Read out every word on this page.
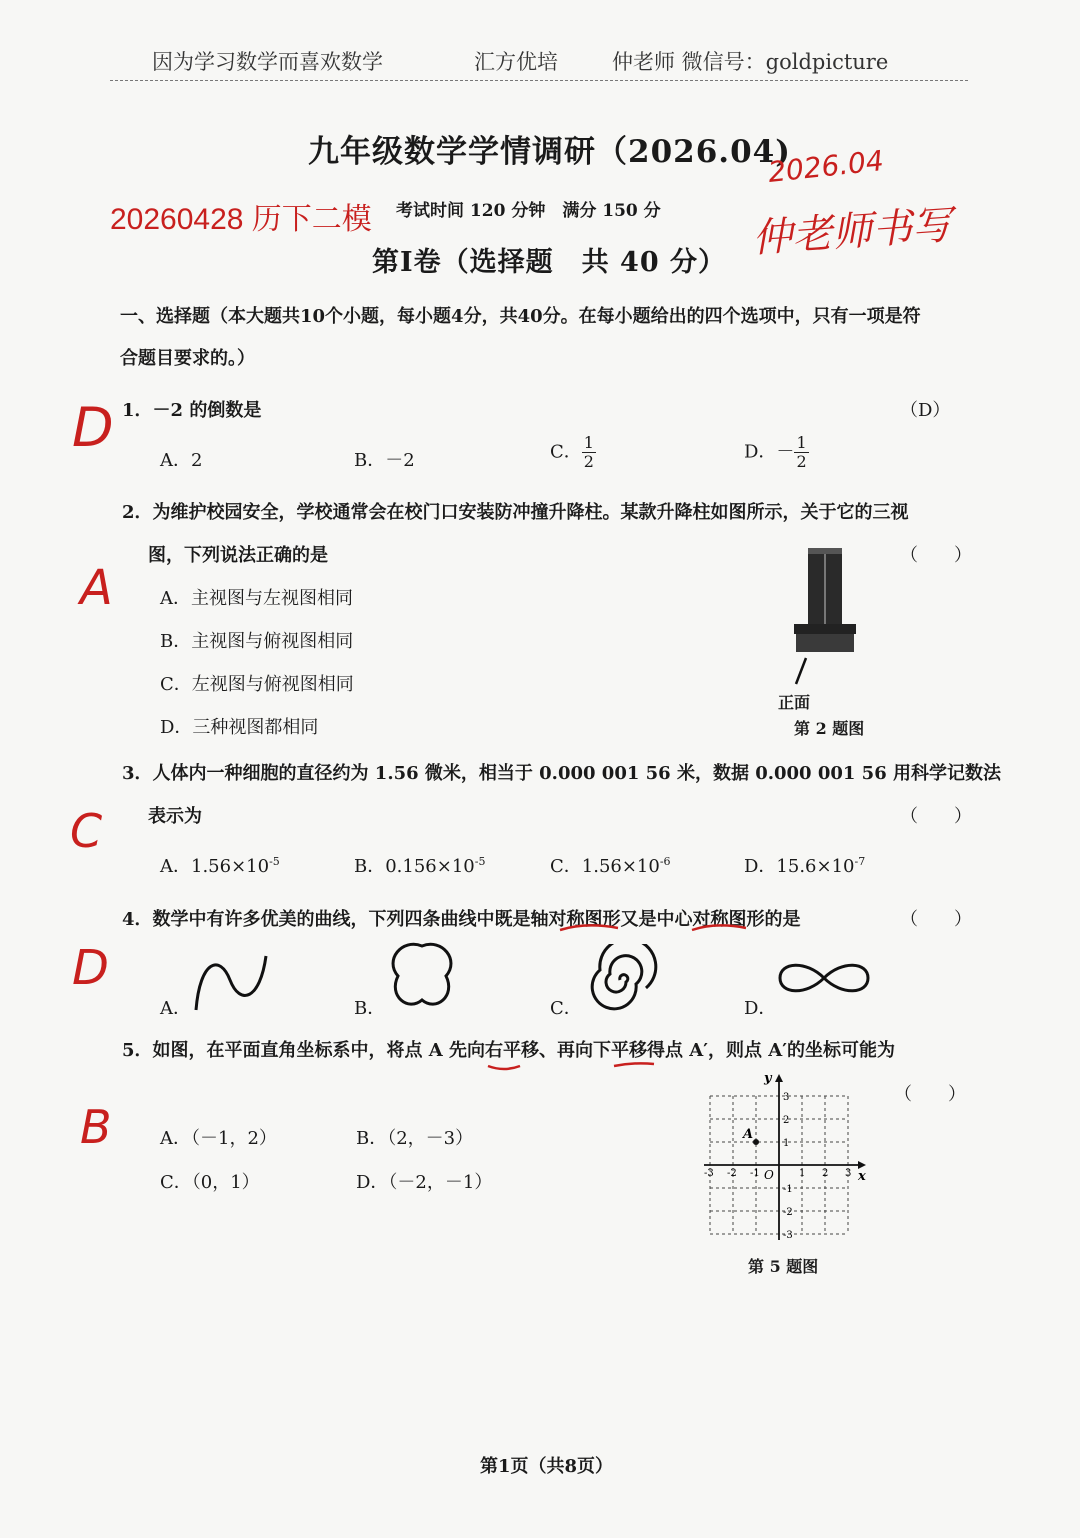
因为学习数学而喜欢数学	汇方优培	仲老师 微信号：goldpicture
九年级数学学情调研（2026.04)
2026.04
20260428 历下二模 考试时间 120 分钟　满分 150 分 仲老师书写
第Ⅰ卷（选择题　共 40 分）
一、选择题（本大题共10个小题，每小题4分，共40分。在每小题给出的四个选项中，只有一项是符
合题目要求的。）
D 1．－2 的倒数是	（D）
A．2	B．－2	C． $\frac{1}{2}$	D．－ $\frac{1}{2}$
2．为维护校园安全，学校通常会在校门口安装防冲撞升降柱。某款升降柱如图所示，关于它的三视
图，下列说法正确的是	（　　）
A	A．主视图与左视图相同
B．主视图与俯视图相同
C．左视图与俯视图相同
D．三种视图都相同
正面
第 2 题图
3．人体内一种细胞的直径约为 1.56 微米，相当于 0.000 001 56 米，数据 0.000 001 56 用科学记数法
表示为	（　　）
C
A．$1.56\times 10^{-5}$	B．$0.156\times 10^{-5}$	C．$1.56\times 10^{-6}$	D．$15.6\times 10^{-7}$
4．数学中有许多优美的曲线，下列四条曲线中既是轴对称图形又是中心对称图形的是	（　　）
D
A．	B．	C．	D．
5．如图，在平面直角坐标系中，将点 A 先向右平移、再向下平移得点 A′，则点 A′的坐标可能为
（　　）
B	A．（－1，2）	B．（2，－3）
C．（0，1）	D．（－2，－1）	x
y
O
A
-3 -2 -1	1 2 3
3
2
1
-1
-2
-3
第 5 题图
第1页（共8页）
